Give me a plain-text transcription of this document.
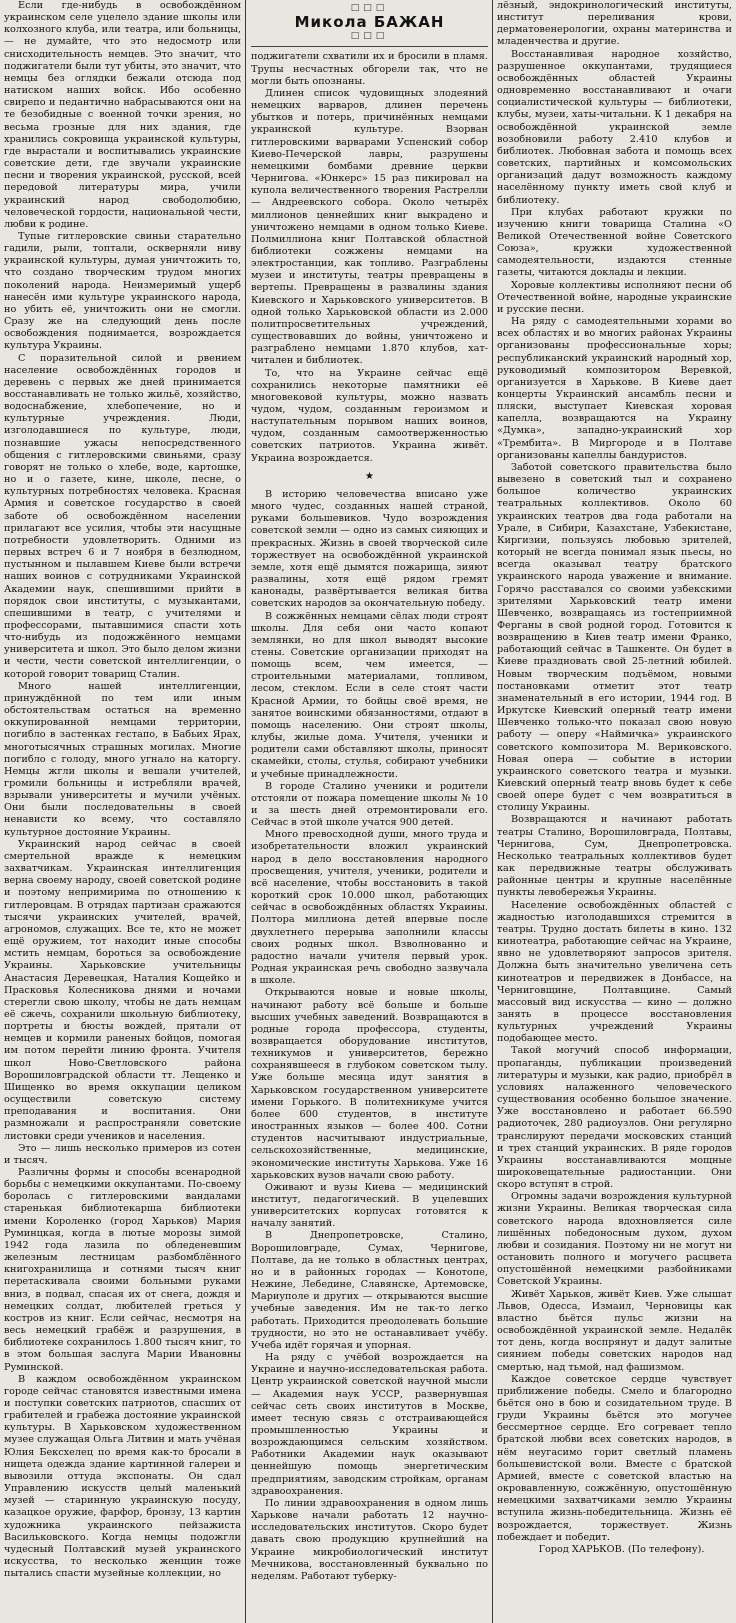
Если где-нибудь в освобождённом украинском селе уцелело здание школы или колхозного клуба, или театра, или больницы, — не думайте, что это недосмотр или снисходительность немцев. Это значит, что поджигатели были тут убиты, это значит, что немцы без оглядки бежали отсюда под натиском наших войск. Ибо особенно свирепо и педантично набрасываются они на те безобидные с военной точки зрения, но весьма грозные для них здания, где хранились сокровища украинской культуры, где вырастали и воспитывались украинские советские дети, где звучали украинские песни и творения украинской, русской, всей передовой литературы мира, учили украинский народ свободолюбию, человеческой гордости, национальной чести, любви к родине.

Тупые гитлеровские свиньи старательно гадили, рыли, топтали, оскверняли ниву украинской культуры, думая уничтожить то, что создано творческим трудом многих поколений народа. Неизмеримый ущерб нанесён ими культуре украинского народа, но убить её, уничтожить они не смогли. Сразу же на следующий день после освобождения поднимается, возрождается культура Украины.

С поразительной силой и рвением население освобождённых городов и деревень с первых же дней принимается восстанавливать не только жильё, хозяйство, водоснабжение, хлебопечение, но и культурные учреждения. Люди, изголодавшиеся по культуре, люди, познавшие ужасы непосредственного общения с гитлеровскими свиньями, сразу говорят не только о хлебе, воде, картошке, но и о газете, кине, школе, песне, о культурных потребностях человека. Красная Армия и советское государство в своей заботе об освобождённом населении прилагают все усилия, чтобы эти насущные потребности удовлетворить. Одними из первых встреч 6 и 7 ноября в безлюдном, пустынном и пылавшем Киеве были встречи наших воинов с сотрудниками Украинской Академии наук, спешившими прийти в порядок свои институты, с музыкантами, спешившими в театр, с учителями и профессорами, пытавшимися спасти хоть что-нибудь из подожжённого немцами университета и школ. Это было делом жизни и чести, чести советской интеллигенции, о которой говорит товарищ Сталин.

Много нашей интеллигенции, принуждённой по тем или иным обстоятельствам остаться на временно оккупированной немцами территории, погибло в застенках гестапо, в Бабьих Ярах, многотысячных страшных могилах. Многие погибло с голоду, много угнало на каторгу. Немцы жгли школы и вешали учителей, громили больницы и истребляли врачей, взрывали университеты и мучили учёных. Они были последовательны в своей ненависти ко всему, что составляло культурное достояние Украины.

Украинский народ сейчас в своей смертельной вражде к немецким захватчикам. Украинская интеллигенция верна своему народу, своей советской родине и поэтому непримирима по отношению к гитлеровцам. В отрядах партизан сражаются тысячи украинских учителей, врачей, агрономов, служащих. Все те, кто не может ещё оружием, тот находит иные способы мстить немцам, бороться за освобождение Украины. Харьковские учительницы Анастасия Деревецкая, Наталия Кощейко и Прасковья Колесникова днями и ночами стерегли свою школу, чтобы не дать немцам её сжечь, сохранили школьную библиотеку, портреты и бюсты вождей, прятали от немцев и кормили раненых бойцов, помогая им потом перейти линию фронта. Учителя школ Ново-Светловского района Ворошиловградской области тт. Лещенко и Шищенко во время оккупации целиком осуществили советскую систему преподавания и воспитания. Они размножали и распространяли советские листовки среди учеников и населения.

Это — лишь несколько примеров из сотен и тысяч.

Различны формы и способы всенародной борьбы с немецкими оккупантами. По-своему боролась с гитлеровскими вандалами старенькая библиотекарша библиотеки имени Короленко (город Харьков) Мария Руминцкая, когда в лютые морозы зимой 1942 года лазила по обледеневшим железным лестницам разбомблённого книгохранилища и сотнями тысяч книг перетаскивала своими больными руками вниз, в подвал, спасая их от снега, дождя и немецких солдат, любителей греться у костров из книг. Если сейчас, несмотря на весь немецкий грабёж и разрушения, в библиотеке сохранилось 1.800 тысяч книг, то в этом большая заслуга Марии Ивановны Руминской.

В каждом освобождённом украинском городе сейчас становятся известными имена и поступки советских патриотов, спасших от грабителей и грабежа достояние украинской культуры. В Харьковском художественном музее служащая Ольга Литвин и мать учёная Юлия Бексхелец по время как-то бросали в нищета одежда здание картинной галереи и вывозили оттуда экспонаты. Он сдал Управлению искусств целый маленький музей — старинную украинскую посуду, казацкое оружие, фарфор, бронзу, 13 картин художника украинского пейзажиста Васильковского. Когда немцы подожгли чудесный Полтавский музей украинского искусства, то несколько женщин тоже пытались спасти музейные коллекции, но

□□□
Микола БАЖАН
□□□

поджигатели схватили их и бросили в пламя. Трупы несчастных обгорели так, что не могли быть опознаны.

Длинен список чудовищных злодеяний немецких варваров, длинен перечень убытков и потерь, причинённых немцами украинской культуре. Взорван гитлеровскими варварами Успенский собор Киево-Печерской лавры, разрушены немецкими бомбами древние церкви Чернигова. «Юнкерс» 15 раз пикировал на купола величественного творения Растрелли — Андреевского собора. Около четырёх миллионов ценнейших книг выкрадено и уничтожено немцами в одном только Киеве. Полмиллиона книг Полтавской областной библиотеки сожжены немцами на электростанции, как топливо. Разграблены музеи и институты, театры превращены в вертепы. Превращены в развалины здания Киевского и Харьковского университетов. В одной только Харьковской области из 2.000 политпросветительных учреждений, существовавших до войны, уничтожено и разграблено немцами 1.870 клубов, хат-читален и библиотек.

То, что на Украине сейчас ещё сохранились некоторые памятники её многовековой культуры, можно назвать чудом, чудом, созданным героизмом и наступательным порывом наших воинов, чудом, созданным самоотверженностью советских патриотов. Украина живёт. Украина возрождается.

★

В историю человечества вписано уже много чудес, созданных нашей страной, руками большевиков. Чудо возрождения советской земли — одно из самых сияющих и прекрасных. Жизнь в своей творческой силе торжествует на освобождённой украинской земле, хотя ещё дымятся пожарища, зияют развалины, хотя ещё рядом гремят канонады, развёртывается великая битва советских народов за окончательную победу.

В сожжённых немцами сёлах люди строят школы. Для себя они часто копают землянки, но для школ выводят высокие стены. Советские организации приходят на помощь всем, чем имеется, — строительными материалами, топливом, лесом, стеклом. Если в селе стоят части Красной Армии, то бойцы своё время, не занятое воинскими обязанностями, отдают в помощь населению. Они строят школы, клубы, жилые дома. Учителя, ученики и родители сами обставляют школы, приносят скамейки, столы, стулья, собирают учебники и учебные принадлежности.

В городе Сталино ученики и родители отстояли от пожара помещение школы № 10 и за шесть дней отремонтировали его. Сейчас в этой школе учатся 900 детей.

Много превосходной души, много труда и изобретательности вложил украинский народ в дело восстановления народного просвещения, учителя, ученики, родители и всё население, чтобы восстановить в такой короткий срок 10.000 школ, работающих сейчас в освобождённых областях Украины. Полтора миллиона детей впервые после двухлетнего перерыва заполнили классы своих родных школ. Взволнованно и радостно начали учителя первый урок. Родная украинская речь свободно зазвучала в школе.

Открываются новые и новые школы, начинают работу всё больше и больше высших учебных заведений. Возвращаются в родные города профессора, студенты, возвращается оборудование институтов, техникумов и университетов, бережно сохранявшееся в глубоком советском тылу. Уже больше месяца идут занятия в Харьковском государственном университете имени Горького. В политехникуме учится более 600 студентов, в институте иностранных языков — более 400. Сотни студентов насчитывают индустриальные, сельскохозяйственные, медицинские, экономические институты Харькова. Уже 16 харьковских вузов начали свою работу.

Оживают и вузы Киева — медицинский институт, педагогический. В уцелевших университетских корпусах готовятся к началу занятий.

В Днепропетровске, Сталино, Ворошиловграде, Сумах, Чернигове, Полтаве, да не только в областных центрах, но и в районных городах — Конотопе, Нежине, Лебедине, Славянске, Артемовске, Мариуполе и других — открываются высшие учебные заведения. Им не так-то легко работать. Приходится преодолевать большие трудности, но это не останавливает учёбу. Учеба идёт горячая и упорная.

На ряду с учёбой возрождается на Украине и научно-исследовательская работа. Центр украинской советской научной мысли — Академия наук УССР, развернувшая сейчас сеть своих институтов в Москве, имеет тесную связь с отстраивающейся промышленностью Украины и возрождающимся сельским хозяйством. Работники Академии наук оказывают ценнейшую помощь энергетическим предприятиям, заводским стройкам, органам здравоохранения.

По линии здравоохранения в одном лишь Харькове начали работать 12 научно-исследовательских институтов. Скоро будет давать свою продукцию крупнейший на Украине микробиологический институт Мечникова, восстановленный буквально по неделям. Работают туберку-

лёзный, эндокринологический институты, институт переливания крови, дерматовенерологии, охраны материнства и младенчества и другие.

Восстанавливая народное хозяйство, разрушенное оккупантами, трудящиеся освобождённых областей Украины одновременно восстанавливают и очаги социалистической культуры — библиотеки, клубы, музеи, хаты-читальни. К 1 декабря на освобождённой украинской земле возобновили работу 2.410 клубов и библиотек. Любовная забота и помощь всех советских, партийных и комсомольских организаций дадут возможность каждому населённому пункту иметь свой клуб и библиотеку.

При клубах работают кружки по изучению книги товарища Сталина «О Великой Отечественной войне Советского Союза», кружки художественной самодеятельности, издаются стенные газеты, читаются доклады и лекции.

Хоровые коллективы исполняют песни об Отечественной войне, народные украинские и русские песни.

На ряду с самодеятельными хорами во всех областях и во многих районах Украины организованы профессиональные хоры; республиканский украинский народный хор, руководимый композитором Веревкой, организуется в Харькове. В Киеве дает концерты Украинский ансамбль песни и пляски, выступает Киевская хоровая капелла, возвращаются на Украину «Думка», западно-украинский хор «Трембита». В Миргороде и в Полтаве организованы капеллы бандуристов.

Заботой советского правительства было вывезено в советский тыл и сохранено большое количество украинских театральных коллективов. Около 60 украинских театров два года работали на Урале, в Сибири, Казахстане, Узбекистане, Киргизии, пользуясь любовью зрителей, который не всегда понимал язык пьесы, но всегда оказывал театру братского украинского народа уважение и внимание. Горячо расставался со своими узбекскими зрителями Харьковский театр имени Шевченко, возвращаясь из гостеприимной Ферганы в свой родной город. Готовится к возвращению в Киев театр имени Франко, работающий сейчас в Ташкенте. Он будет в Киеве праздновать свой 25-летний юбилей. Новым творческим подъёмом, новыми постановками отметит этот театр знаменательный в его истории, 1944 год. В Иркутске Киевский оперный театр имени Шевченко только-что показал свою новую работу — оперу «Наймичка» украинского советского композитора М. Вериковского. Новая опера — событие в истории украинского советского театра и музыки. Киевский оперный театр вновь будет к себе своей опере будет с чем возвратиться в столицу Украины.

Возвращаются и начинают работать театры Сталино, Ворошиловграда, Полтавы, Чернигова, Сум, Днепропетровска. Несколько театральных коллективов будет как передвижные театры обслуживать районные центры и крупные населённые пункты левобережья Украины.

Население освобождённых областей с жадностью изголодавшихся стремится в театры. Трудно достать билеты в кино. 132 кинотеатра, работающие сейчас на Украине, явно не удовлетворяют запросов зрителя. Должна быть значительно увеличена сеть кинотеатров и передвижек в Донбассе, на Черниговщине, Полтавщине. Самый массовый вид искусства — кино — должно занять в процессе восстановления культурных учреждений Украины подобающее место.

Такой могучий способ информации, пропаганды, публикации произведений литературы и музыки, как радио, приобрёл в условиях налаженного человеческого существования особенно большое значение. Уже восстановлено и работает 66.590 радиоточек, 280 радиоузлов. Они регулярно транслируют передачи московских станций и трех станций украинских. В ряде городов Украины восстанавливаются мощные широковещательные радиостанции. Они скоро вступят в строй.

Огромны задачи возрождения культурной жизни Украины. Великая творческая сила советского народа вдохновляется силе лишённых победоносным духом, духом любви и созидания. Поэтому ни не могут ни остановить полного и могучего расцвета опустошённой немецкими разбойниками Советской Украины.

Живёт Харьков, живёт Киев. Уже слышат Львов, Одесса, Измаил, Черновицы как властно бьётся пульс жизни на освобождённой украинской земле. Недалёк тот день, когда воспрянут и дадут залитые сиянием победы советских народов над смертью, над тьмой, над фашизмом.

Каждое советское сердце чувствует приближение победы. Смело и благородно бьётся оно в бою и созидательном труде. В груди Украины бьётся это могучее бессмертное сердце. Его согревает тепло братской любви всех советских народов, в нём неугасимо горит светлый пламень большевистской воли. Вместе с братской Армией, вместе с советской властью на окровавленную, сожжённую, опустошённую немецкими захватчиками землю Украины вступила жизнь-победительница. Жизнь её возрождается, торжествует. Жизнь побеждает и победит.

Город ХАРЬКОВ. (По телефону).
